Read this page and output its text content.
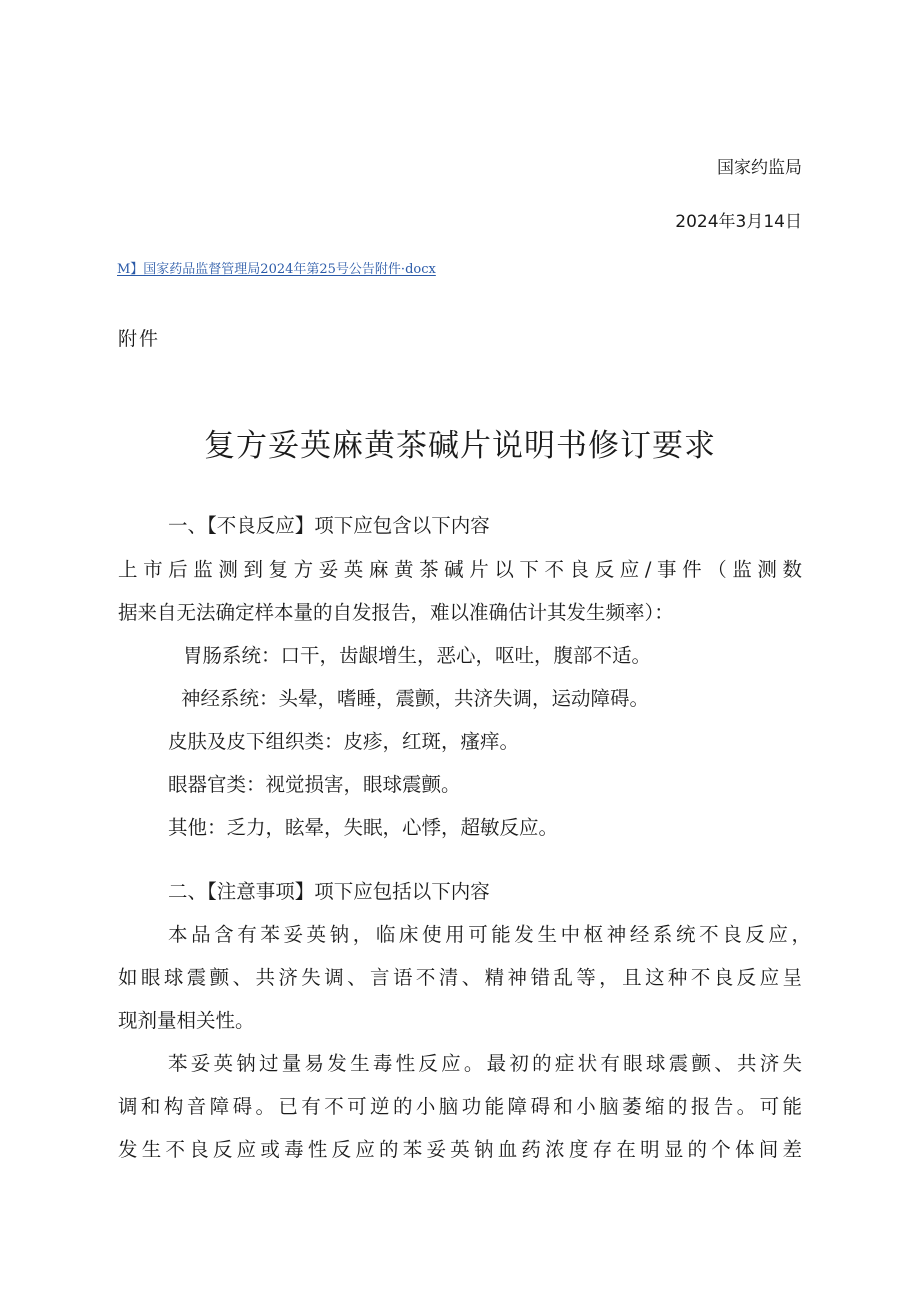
国家约监局
2024年3月14日
M】国家药品监督管理局2024年第25号公告附件·docx
附件
复方妥英麻黄茶碱片说明书修订要求
一、【不良反应】项下应包含以下内容
上市后监测到复方妥英麻黄茶碱片以下不良反应/事件（监测数
据来自无法确定样本量的自发报告，难以准确估计其发生频率）：
胃肠系统：口干，齿龈增生，恶心，呕吐，腹部不适。
神经系统：头晕，嗜睡，震颤，共济失调，运动障碍。
皮肤及皮下组织类：皮疹，红斑，瘙痒。
眼器官类：视觉损害，眼球震颤。
其他：乏力，眩晕，失眠，心悸，超敏反应。
二、【注意事项】项下应包括以下内容
本品含有苯妥英钠，临床使用可能发生中枢神经系统不良反应，
如眼球震颤、共济失调、言语不清、精神错乱等，且这种不良反应呈
现剂量相关性。
苯妥英钠过量易发生毒性反应。最初的症状有眼球震颤、共济失
调和构音障碍。已有不可逆的小脑功能障碍和小脑萎缩的报告。可能
发生不良反应或毒性反应的苯妥英钠血药浓度存在明显的个体间差
